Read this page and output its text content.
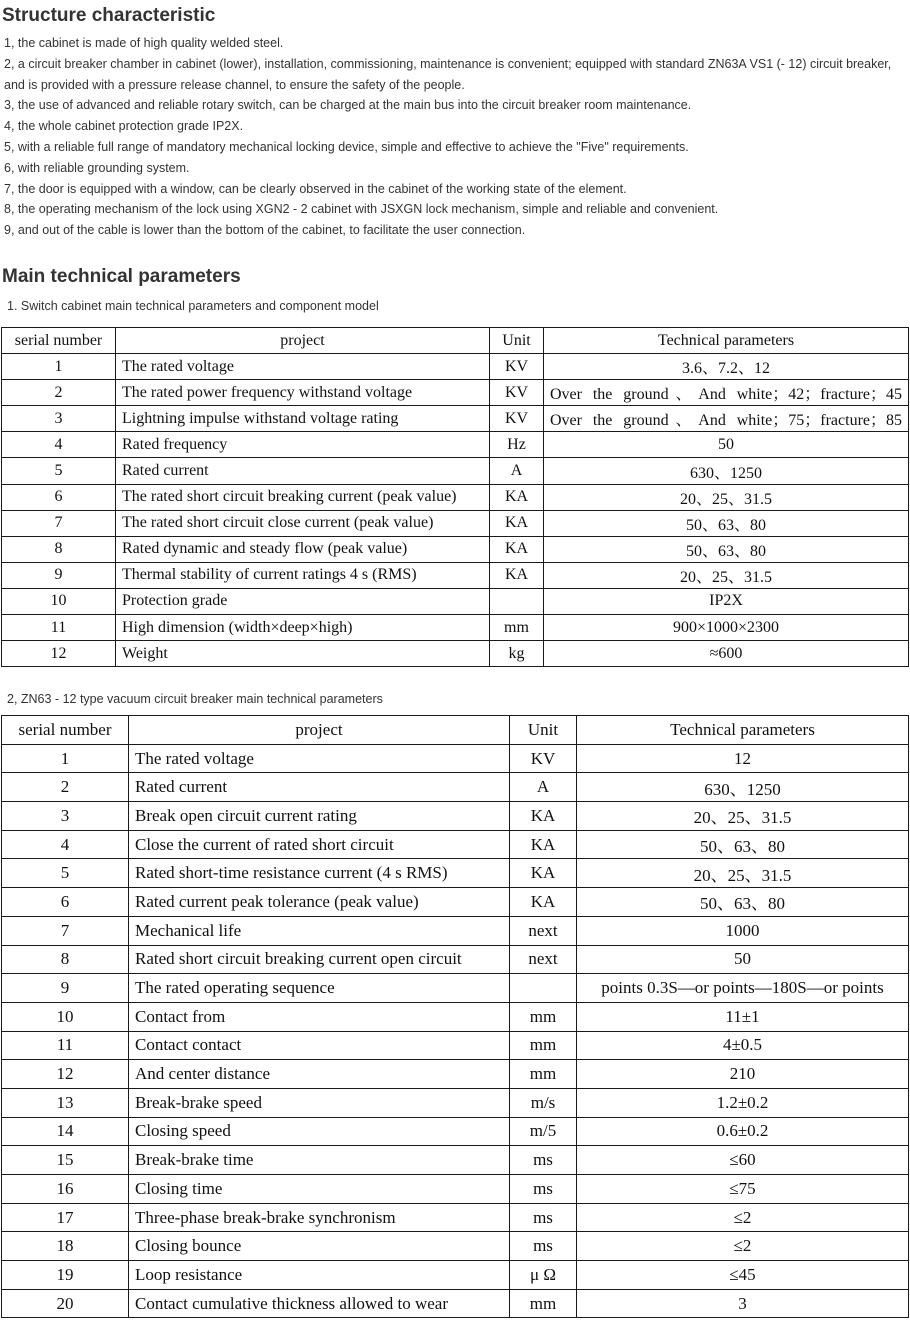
Structure characteristic
1, the cabinet is made of high quality welded steel.
2, a circuit breaker chamber in cabinet (lower), installation, commissioning, maintenance is convenient; equipped with standard ZN63A VS1 (- 12) circuit breaker, and is provided with a pressure release channel, to ensure the safety of the people.
3, the use of advanced and reliable rotary switch, can be charged at the main bus into the circuit breaker room maintenance.
4, the whole cabinet protection grade IP2X.
5, with a reliable full range of mandatory mechanical locking device, simple and effective to achieve the "Five" requirements.
6, with reliable grounding system.
7, the door is equipped with a window, can be clearly observed in the cabinet of the working state of the element.
8, the operating mechanism of the lock using XGN2 - 2 cabinet with JSXGN lock mechanism, simple and reliable and convenient.
9, and out of the cable is lower than the bottom of the cabinet, to facilitate the user connection.
Main technical parameters

1. Switch cabinet main technical parameters and component model

serial number	project	Unit	Technical parameters
1	The rated voltage	KV	3.6、7.2、12
2	The rated power frequency withstand voltage	KV	Over the ground、And white；42；fracture；45
3	Lightning impulse withstand voltage rating	KV	Over the ground、And white；75；fracture；85
4	Rated frequency	Hz	50
5	Rated current	A	630、1250
6	The rated short circuit breaking current (peak value)	KA	20、25、31.5
7	The rated short circuit close current (peak value)	KA	50、63、80
8	Rated dynamic and steady flow (peak value)	KA	50、63、80
9	Thermal stability of current ratings 4 s (RMS)	KA	20、25、31.5
10	Protection grade		IP2X
11	High dimension (width×deep×high)	mm	900×1000×2300
12	Weight	kg	≈600

2, ZN63 - 12 type vacuum circuit breaker main technical parameters

serial number	project	Unit	Technical parameters
1	The rated voltage	KV	12
2	Rated current	A	630、1250
3	Break open circuit current rating	KA	20、25、31.5
4	Close the current of rated short circuit	KA	50、63、80
5	Rated short-time resistance current (4 s RMS)	KA	20、25、31.5
6	Rated current peak tolerance (peak value)	KA	50、63、80
7	Mechanical life	next	1000
8	Rated short circuit breaking current open circuit	next	50
9	The rated operating sequence		points 0.3S—or points—180S—or points
10	Contact from	mm	11±1
11	Contact contact	mm	4±0.5
12	And center distance	mm	210
13	Break-brake speed	m/s	1.2±0.2
14	Closing speed	m/5	0.6±0.2
15	Break-brake time	ms	≤60
16	Closing time	ms	≤75
17	Three-phase break-brake synchronism	ms	≤2
18	Closing bounce	ms	≤2
19	Loop resistance	μ Ω	≤45
20	Contact cumulative thickness allowed to wear	mm	3
